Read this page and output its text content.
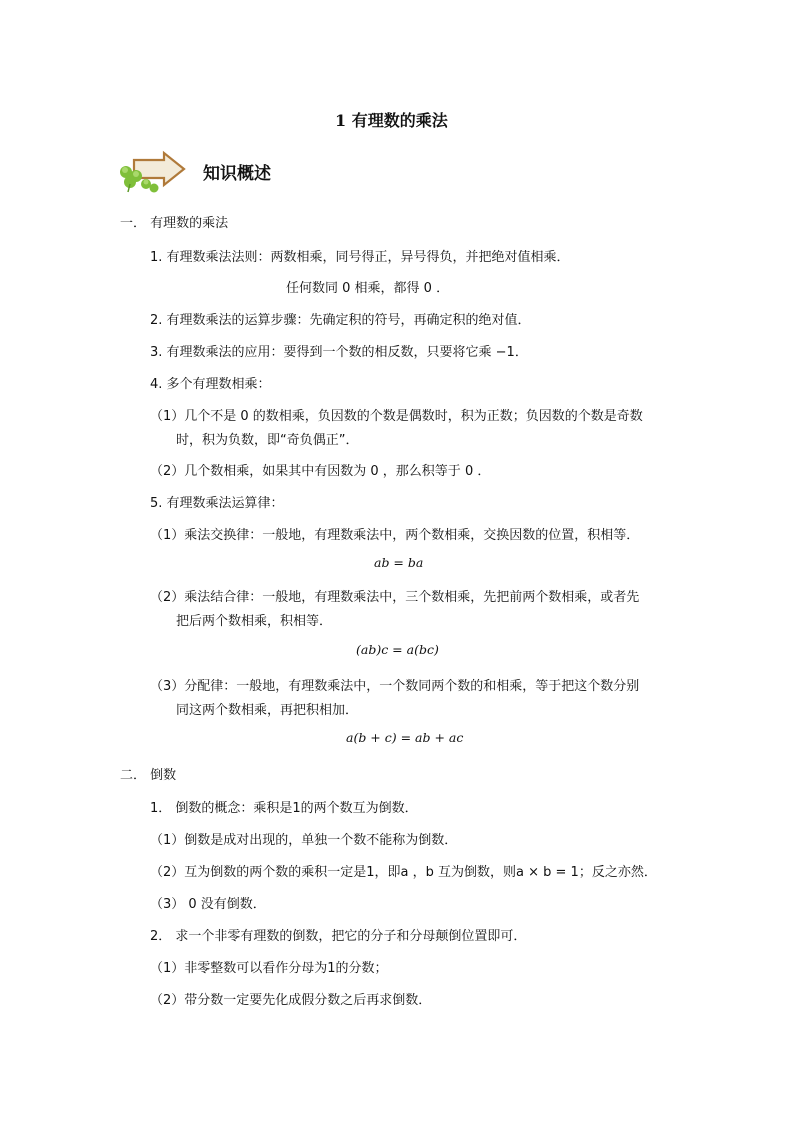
1 有理数的乘法
知识概述
一． 有理数的乘法
1. 有理数乘法法则：两数相乘，同号得正，异号得负，并把绝对值相乘．
任何数同 0 相乘，都得 0 ．
2. 有理数乘法的运算步骤：先确定积的符号，再确定积的绝对值．
3. 有理数乘法的应用：要得到一个数的相反数，只要将它乘 −1．
4. 多个有理数相乘：
（1）几个不是 0 的数相乘，负因数的个数是偶数时，积为正数；负因数的个数是奇数
时，积为负数，即“奇负偶正”．
（2）几个数相乘，如果其中有因数为 0 ，那么积等于 0 ．
5. 有理数乘法运算律：
（1）乘法交换律：一般地，有理数乘法中，两个数相乘，交换因数的位置，积相等．
ab = ba
（2）乘法结合律：一般地，有理数乘法中，三个数相乘，先把前两个数相乘，或者先
把后两个数相乘，积相等．
(ab)c = a(bc)
（3）分配律：一般地，有理数乘法中，一个数同两个数的和相乘，等于把这个数分别
同这两个数相乘，再把积相加．
a(b + c) = ab + ac
二． 倒数
1． 倒数的概念：乘积是1的两个数互为倒数．
（1）倒数是成对出现的，单独一个数不能称为倒数．
（2）互为倒数的两个数的乘积一定是1，即a ，b 互为倒数，则a × b = 1；反之亦然．
（3） 0 没有倒数．
2． 求一个非零有理数的倒数，把它的分子和分母颠倒位置即可．
（1）非零整数可以看作分母为1的分数；
（2）带分数一定要先化成假分数之后再求倒数．
